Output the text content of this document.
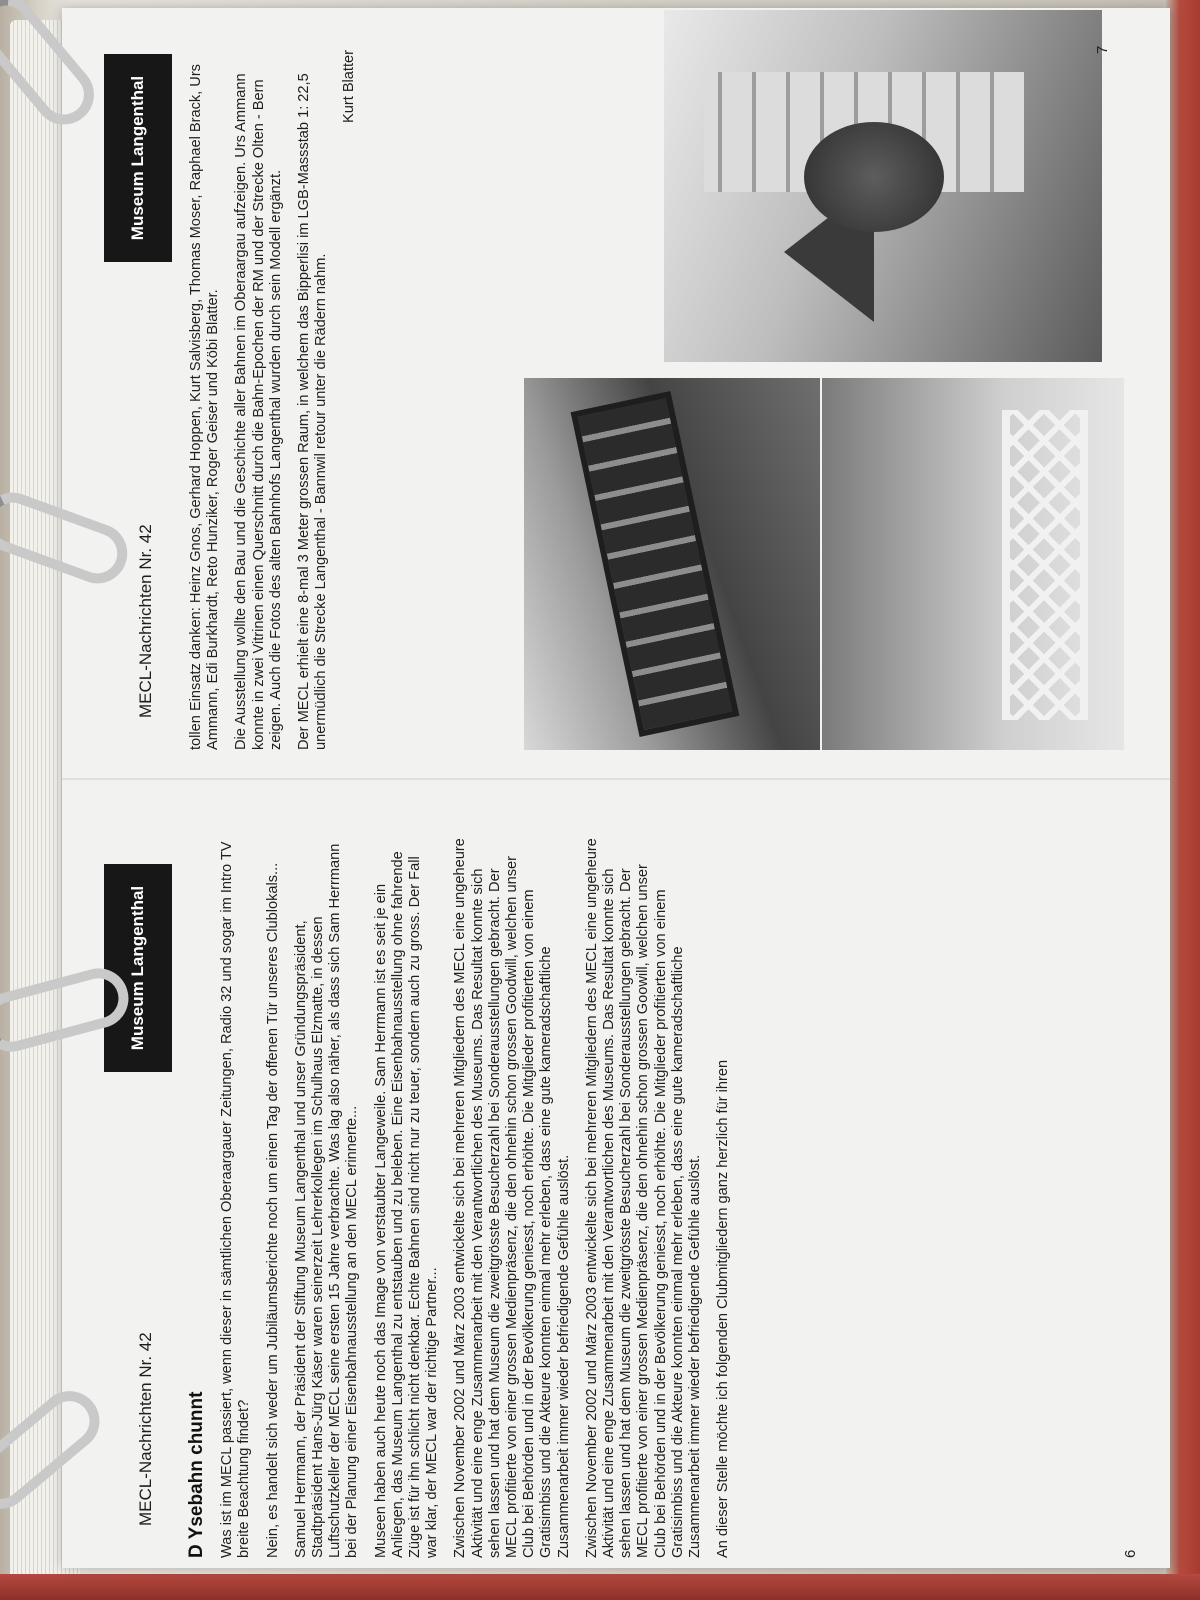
MECL-Nachrichten Nr. 42
Museum Langenthal
D Ysebahn chunnt Was ist im MECL passiert, wenn dieser in sämtlichen Oberaargauer Zeitungen, Radio 32 und sogar im Intro TV breite Beachtung findet? Nein, es handelt sich weder um Jubiläumsberichte noch um einen Tag der offenen Tür unseres Clublokals... Samuel Herrmann, der Präsident der Stiftung Museum Langenthal und unser Gründungspräsident, Stadtpräsident Hans-Jürg Käser waren seinerzeit Lehrerkollegen im Schulhaus Elzmatte, in dessen Luftschutzkeller der MECL seine ersten 15 Jahre verbrachte. Was lag also näher, als dass sich Sam Herrmann bei der Planung einer Eisenbahnausstellung an den MECL erinnerte... Museen haben auch heute noch das Image von verstaubter Langeweile. Sam Herrmann ist es seit je ein Anliegen, das Museum Langenthal zu entstauben und zu beleben. Eine Eisenbahnausstellung ohne fahrende Züge ist für ihn schlicht nicht denkbar. Echte Bahnen sind nicht nur zu teuer, sondern auch zu gross. Der Fall war klar, der MECL war der richtige Partner... Zwischen November 2002 und März 2003 entwickelte sich bei mehreren Mitgliedern des MECL eine ungeheure Aktivität und eine enge Zusammenarbeit mit den Verantwortlichen des Museums. Das Resultat konnte sich sehen lassen und hat dem Museum die zweitgrösste Besucherzahl bei Sonderausstellungen gebracht. Der MECL profitierte von einer grossen Medienpräsenz, die den ohnehin schon grossen Goodwill, welchen unser Club bei Behörden und in der Bevölkerung geniesst, noch erhöhte. Die Mitglieder profitierten von einem Gratisimbiss und die Akteure konnten einmal mehr erleben, dass eine gute kameradschaftliche Zusammenarbeit immer wieder befriedigende Gefühle auslöst. Zwischen November 2002 und März 2003 entwickelte sich bei mehreren Mitgliedern des MECL eine ungeheure Aktivität und eine enge Zusammenarbeit mit den Verantwortlichen des Museums. Das Resultat konnte sich sehen lassen und hat dem Museum die zweitgrösste Besucherzahl bei Sonderausstellungen gebracht. Der MECL profitierte von einer grossen Medienpräsenz, die den ohnehin schon grossen Goowill, welchen unser Club bei Behörden und in der Bevölkerung geniesst, noch erhöhte. Die Mitglieder profitierten von einem Gratisimbiss und die Akteure konnten einmal mehr erleben, dass eine gute kameradschaftliche Zusammenarbeit immer wieder befriedigende Gefühle auslöst. An dieser Stelle möchte ich folgenden Clubmitgliedern ganz herzlich für ihren	6
MECL-Nachrichten Nr. 42
Museum Langenthal	tollen Einsatz danken: Heinz Gnos, Gerhard Hoppen, Kurt Salvisberg, Thomas Moser, Raphael Brack, Urs Ammann, Edi Burkhardt, Reto Hunziker, Roger Geiser und Köbi Blatter. Die Ausstellung wollte den Bau und die Geschichte aller Bahnen im Oberaargau aufzeigen. Urs Ammann konnte in zwei Vitrinen einen Querschnitt durch die Bahn-Epochen der RM und der Strecke Olten - Bern zeigen. Auch die Fotos des alten Bahnhofs Langenthal wurden durch sein Modell ergänzt. Der MECL erhielt eine 8-mal 3 Meter grossen Raum, in welchem das Bipperlisi im LGB-Massstab 1: 22,5 unermüdlich die Strecke Langenthal - Bannwil retour unter die Rädern nahm.

Kurt Blatter
7
